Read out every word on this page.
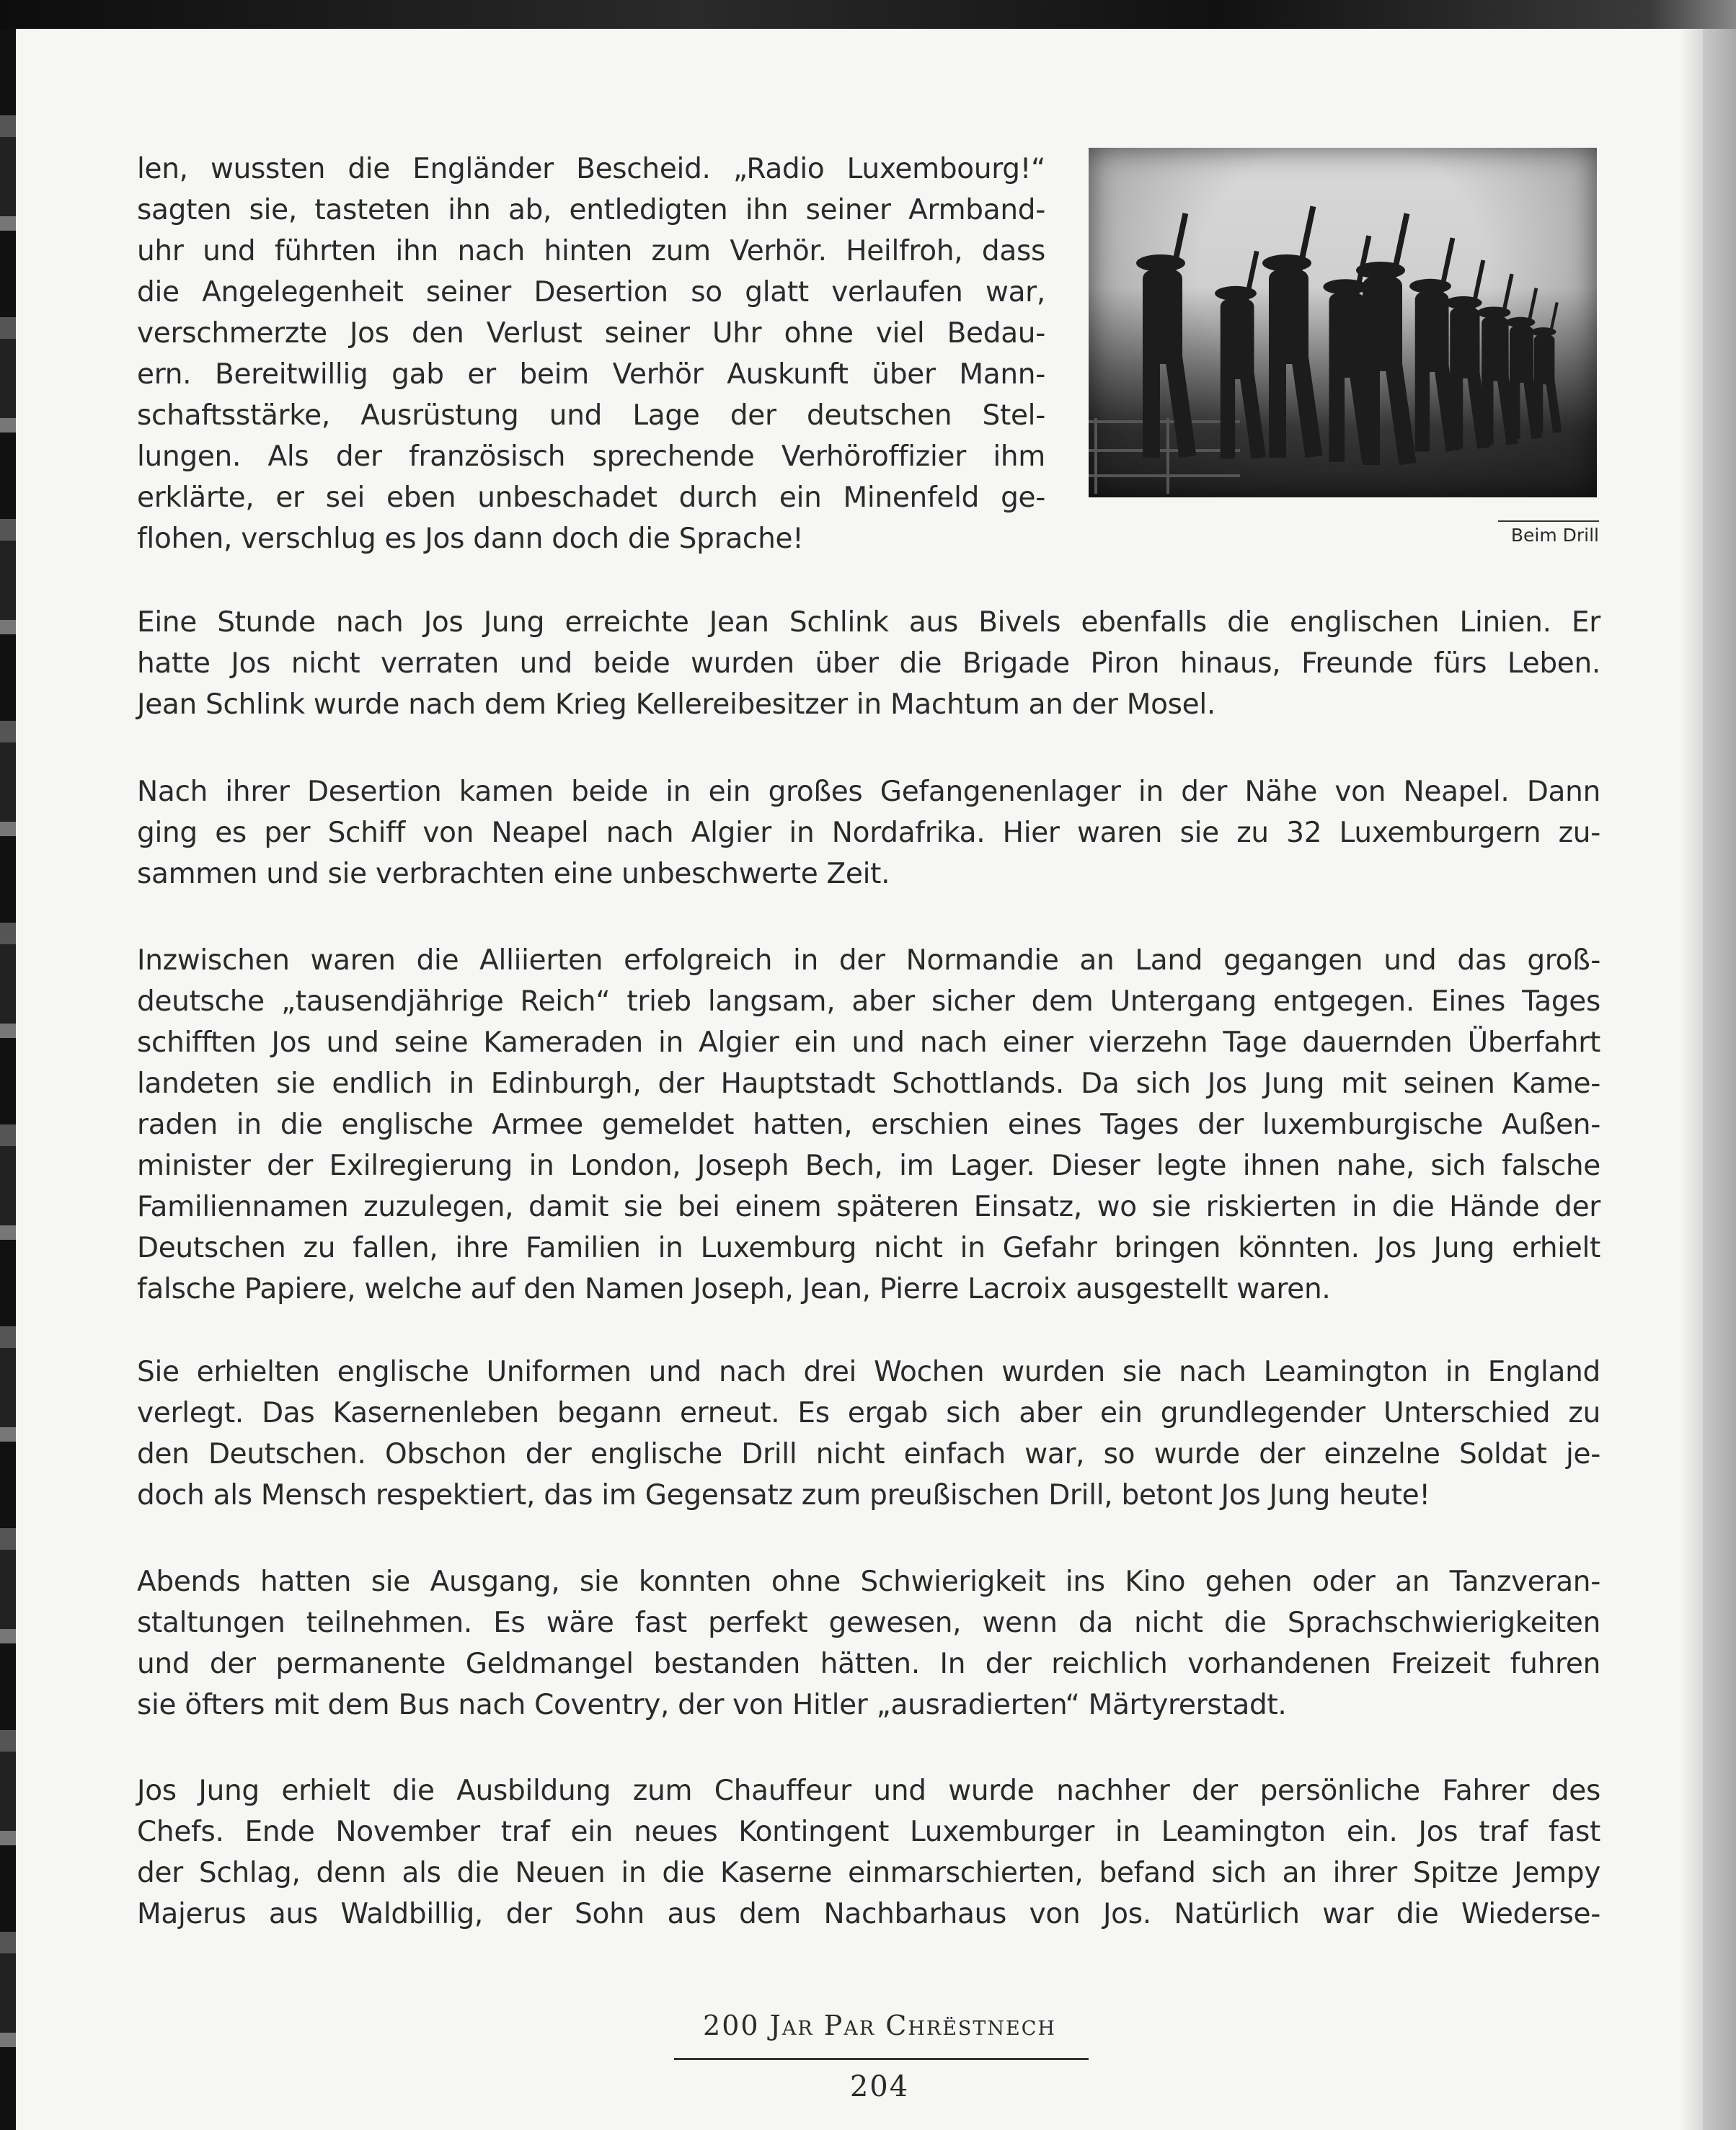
len, wussten die Engländer Bescheid. „Radio Luxembourg!“
sagten sie, tasteten ihn ab, entledigten ihn seiner Armband-
uhr und führten ihn nach hinten zum Verhör. Heilfroh, dass
die Angelegenheit seiner Desertion so glatt verlaufen war,
verschmerzte Jos den Verlust seiner Uhr ohne viel Bedau-
ern. Bereitwillig gab er beim Verhör Auskunft über Mann-
schaftsstärke, Ausrüstung und Lage der deutschen Stel-
lungen. Als der französisch sprechende Verhöroffizier ihm
erklärte, er sei eben unbeschadet durch ein Minenfeld ge-
flohen, verschlug es Jos dann doch die Sprache!	Beim Drill
Eine Stunde nach Jos Jung erreichte Jean Schlink aus Bivels ebenfalls die englischen Linien. Er
hatte Jos nicht verraten und beide wurden über die Brigade Piron hinaus, Freunde fürs Leben.
Jean Schlink wurde nach dem Krieg Kellereibesitzer in Machtum an der Mosel.
Nach ihrer Desertion kamen beide in ein großes Gefangenenlager in der Nähe von Neapel. Dann
ging es per Schiff von Neapel nach Algier in Nordafrika. Hier waren sie zu 32 Luxemburgern zu-
sammen und sie verbrachten eine unbeschwerte Zeit.
Inzwischen waren die Alliierten erfolgreich in der Normandie an Land gegangen und das groß-
deutsche „tausendjährige Reich“ trieb langsam, aber sicher dem Untergang entgegen. Eines Tages
schifften Jos und seine Kameraden in Algier ein und nach einer vierzehn Tage dauernden Überfahrt
landeten sie endlich in Edinburgh, der Hauptstadt Schottlands. Da sich Jos Jung mit seinen Kame-
raden in die englische Armee gemeldet hatten, erschien eines Tages der luxemburgische Außen-
minister der Exilregierung in London, Joseph Bech, im Lager. Dieser legte ihnen nahe, sich falsche
Familiennamen zuzulegen, damit sie bei einem späteren Einsatz, wo sie riskierten in die Hände der
Deutschen zu fallen, ihre Familien in Luxemburg nicht in Gefahr bringen könnten. Jos Jung erhielt
falsche Papiere, welche auf den Namen Joseph, Jean, Pierre Lacroix ausgestellt waren.
Sie erhielten englische Uniformen und nach drei Wochen wurden sie nach Leamington in England
verlegt. Das Kasernenleben begann erneut. Es ergab sich aber ein grundlegender Unterschied zu
den Deutschen. Obschon der englische Drill nicht einfach war, so wurde der einzelne Soldat je-
doch als Mensch respektiert, das im Gegensatz zum preußischen Drill, betont Jos Jung heute!
Abends hatten sie Ausgang, sie konnten ohne Schwierigkeit ins Kino gehen oder an Tanzveran-
staltungen teilnehmen. Es wäre fast perfekt gewesen, wenn da nicht die Sprachschwierigkeiten
und der permanente Geldmangel bestanden hätten. In der reichlich vorhandenen Freizeit fuhren
sie öfters mit dem Bus nach Coventry, der von Hitler „ausradierten“ Märtyrerstadt.
Jos Jung erhielt die Ausbildung zum Chauffeur und wurde nachher der persönliche Fahrer des
Chefs. Ende November traf ein neues Kontingent Luxemburger in Leamington ein. Jos traf fast
der Schlag, denn als die Neuen in die Kaserne einmarschierten, befand sich an ihrer Spitze Jempy
Majerus aus Waldbillig, der Sohn aus dem Nachbarhaus von Jos. Natürlich war die Wiederse-
200 Jar Par Chrëstnech
204
